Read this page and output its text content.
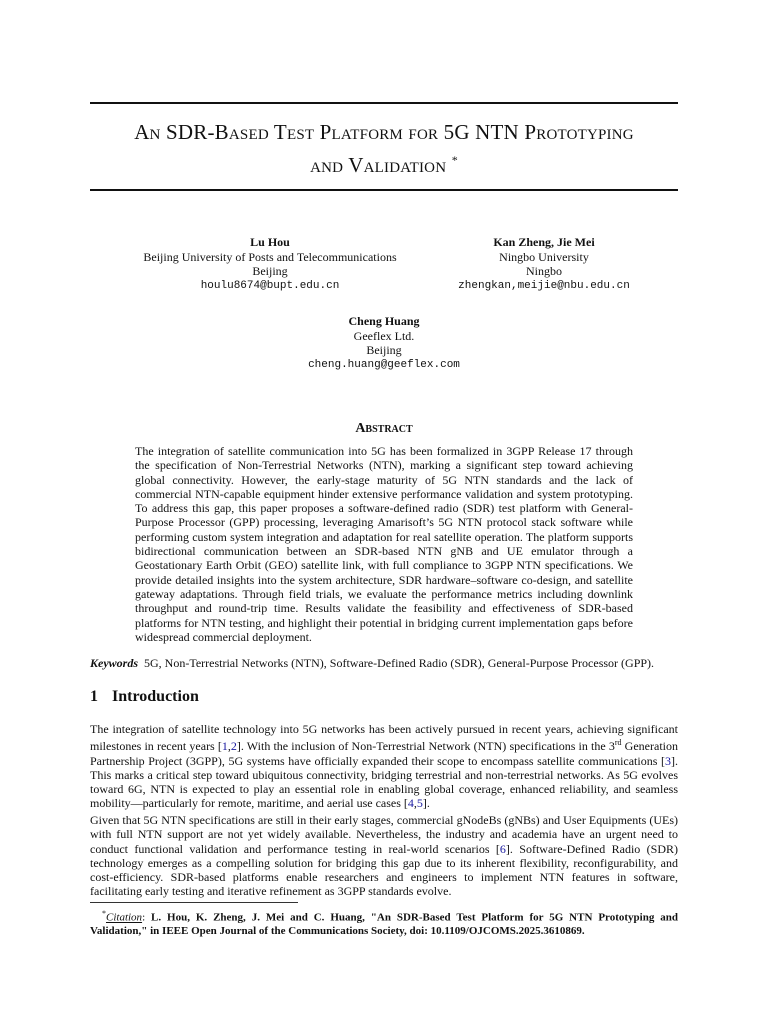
An SDR-Based Test Platform for 5G NTN Prototyping
and Validation *
Lu Hou
Beijing University of Posts and Telecommunications
Beijing
houlu8674@bupt.edu.cn
Kan Zheng, Jie Mei
Ningbo University
Ningbo
zhengkan,meijie@nbu.edu.cn
Cheng Huang
Geeflex Ltd.
Beijing
cheng.huang@geeflex.com
Abstract

The integration of satellite communication into 5G has been formalized in 3GPP Release 17 through the specification of Non-Terrestrial Networks (NTN), marking a significant step toward achieving global connectivity. However, the early-stage maturity of 5G NTN standards and the lack of commercial NTN-capable equipment hinder extensive performance validation and system prototyping. To address this gap, this paper proposes a software-defined radio (SDR) test platform with General-Purpose Processor (GPP) processing, leveraging Amarisoft’s 5G NTN protocol stack software while performing custom system integration and adaptation for real satellite operation. The platform supports bidirectional communication between an SDR-based NTN gNB and UE emulator through a Geostationary Earth Orbit (GEO) satellite link, with full compliance to 3GPP NTN specifications. We provide detailed insights into the system architecture, SDR hardware–software co-design, and satellite gateway adaptations. Through field trials, we evaluate the performance metrics including downlink throughput and round-trip time. Results validate the feasibility and effectiveness of SDR-based platforms for NTN testing, and highlight their potential in bridging current implementation gaps before widespread commercial deployment.

Keywords 5G, Non-Terrestrial Networks (NTN), Software-Defined Radio (SDR), General-Purpose Processor (GPP).

1 Introduction

The integration of satellite technology into 5G networks has been actively pursued in recent years, achieving significant milestones in recent years [1,2]. With the inclusion of Non-Terrestrial Network (NTN) specifications in the 3rd Generation Partnership Project (3GPP), 5G systems have officially expanded their scope to encompass satellite communications [3]. This marks a critical step toward ubiquitous connectivity, bridging terrestrial and non-terrestrial networks. As 5G evolves toward 6G, NTN is expected to play an essential role in enabling global coverage, enhanced reliability, and seamless mobility—particularly for remote, maritime, and aerial use cases [4,5].

Given that 5G NTN specifications are still in their early stages, commercial gNodeBs (gNBs) and User Equipments (UEs) with full NTN support are not yet widely available. Nevertheless, the industry and academia have an urgent need to conduct functional validation and performance testing in real-world scenarios [6]. Software-Defined Radio (SDR) technology emerges as a compelling solution for bridging this gap due to its inherent flexibility, reconfigurability, and cost-efficiency. SDR-based platforms enable researchers and engineers to implement NTN features in software, facilitating early testing and iterative refinement as 3GPP standards evolve.

*Citation: L. Hou, K. Zheng, J. Mei and C. Huang, "An SDR-Based Test Platform for 5G NTN Prototyping and Validation," in IEEE Open Journal of the Communications Society, doi: 10.1109/OJCOMS.2025.3610869.
